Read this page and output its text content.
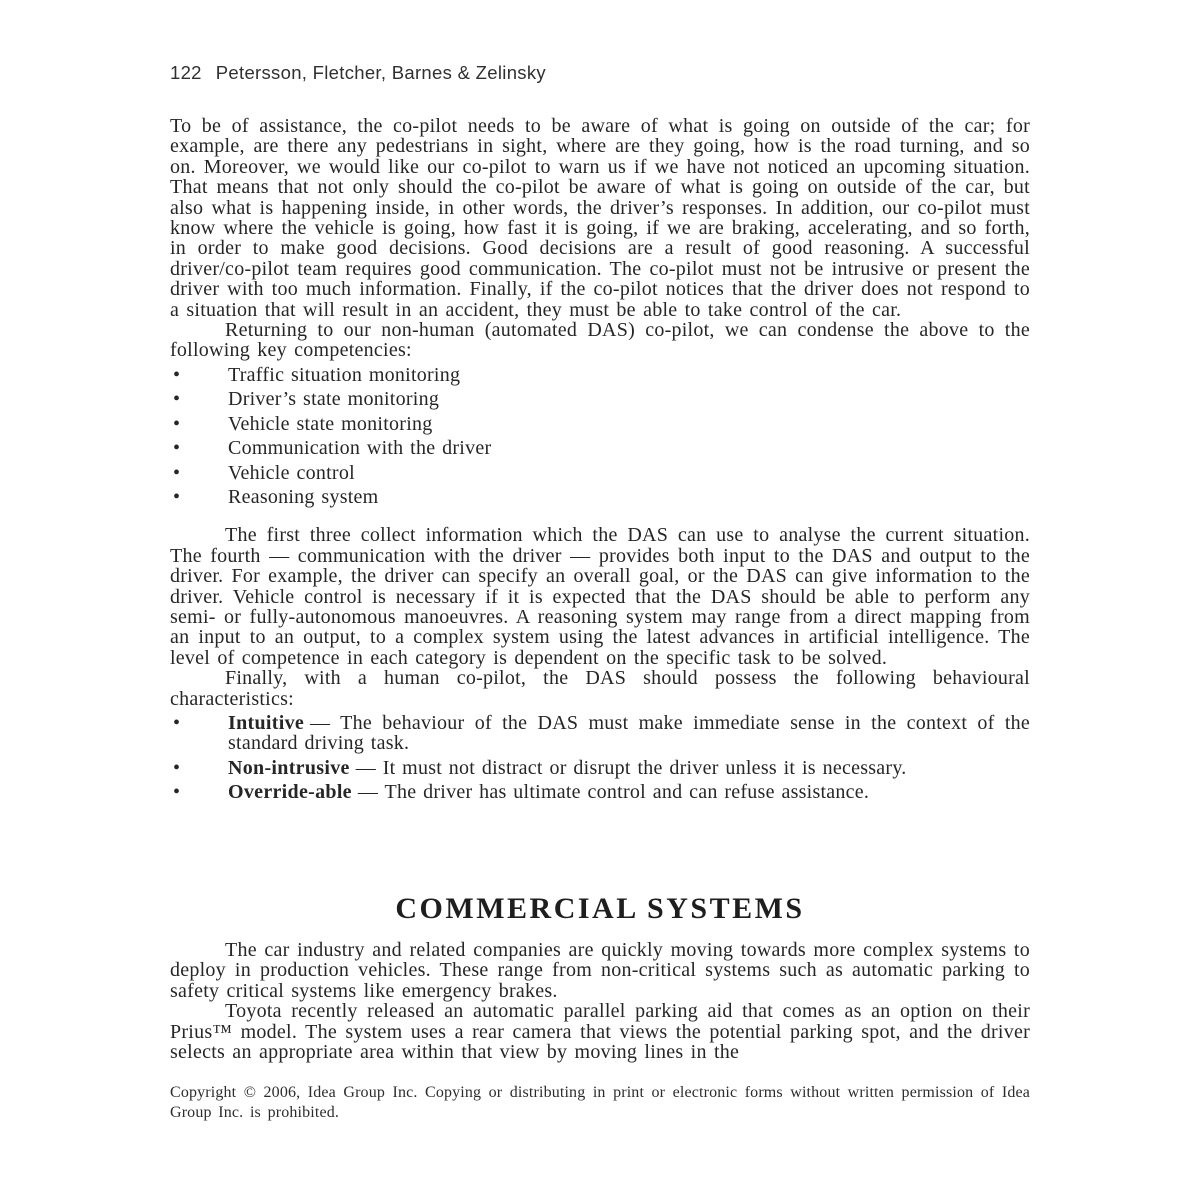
122 Petersson, Fletcher, Barnes & Zelinsky

To be of assistance, the co-pilot needs to be aware of what is going on outside of the car; for example, are there any pedestrians in sight, where are they going, how is the road turning, and so on. Moreover, we would like our co-pilot to warn us if we have not noticed an upcoming situation. That means that not only should the co-pilot be aware of what is going on outside of the car, but also what is happening inside, in other words, the driver’s responses. In addition, our co-pilot must know where the vehicle is going, how fast it is going, if we are braking, accelerating, and so forth, in order to make good decisions. Good decisions are a result of good reasoning. A successful driver/co-pilot team requires good communication. The co-pilot must not be intrusive or present the driver with too much information. Finally, if the co-pilot notices that the driver does not respond to a situation that will result in an accident, they must be able to take control of the car.

Returning to our non-human (automated DAS) co-pilot, we can condense the above to the following key competencies:

•	Traffic situation monitoring
•	Driver’s state monitoring
•	Vehicle state monitoring
•	Communication with the driver
•	Vehicle control
•	Reasoning system

The first three collect information which the DAS can use to analyse the current situation. The fourth — communication with the driver — provides both input to the DAS and output to the driver. For example, the driver can specify an overall goal, or the DAS can give information to the driver. Vehicle control is necessary if it is expected that the DAS should be able to perform any semi- or fully-autonomous manoeuvres. A reasoning system may range from a direct mapping from an input to an output, to a complex system using the latest advances in artificial intelligence. The level of competence in each category is dependent on the specific task to be solved.

Finally, with a human co-pilot, the DAS should possess the following behavioural characteristics:

•	Intuitive — The behaviour of the DAS must make immediate sense in the context of the standard driving task.
•	Non-intrusive — It must not distract or disrupt the driver unless it is necessary.
•	Override-able — The driver has ultimate control and can refuse assistance.
COMMERCIAL SYSTEMS

The car industry and related companies are quickly moving towards more complex systems to deploy in production vehicles. These range from non-critical systems such as automatic parking to safety critical systems like emergency brakes.

Toyota recently released an automatic parallel parking aid that comes as an option on their Prius™ model. The system uses a rear camera that views the potential parking spot, and the driver selects an appropriate area within that view by moving lines in the

Copyright © 2006, Idea Group Inc. Copying or distributing in print or electronic forms without written permission of Idea Group Inc. is prohibited.
